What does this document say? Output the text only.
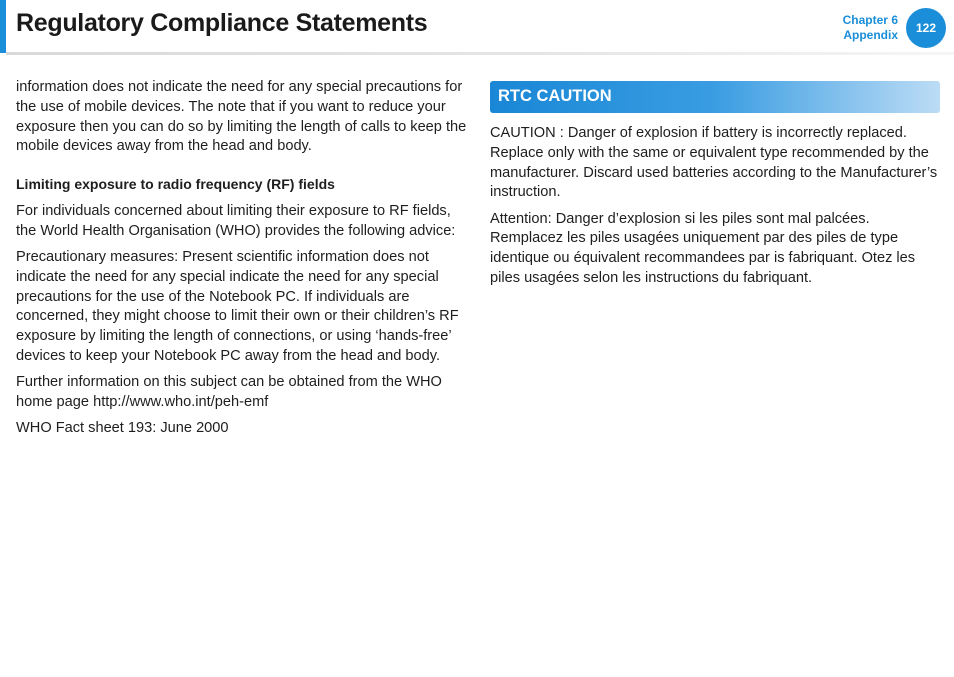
Regulatory Compliance Statements	Chapter 6
Appendix	122

information does not indicate the need for any special precautions for the use of mobile devices. The note that if you want to reduce your exposure then you can do so by limiting the length of calls to keep the mobile devices away from the head and body.

Limiting exposure to radio frequency (RF) fields

For individuals concerned about limiting their exposure to RF fields, the World Health Organisation (WHO) provides the following advice:

Precautionary measures: Present scientific information does not indicate the need for any special indicate the need for any special precautions for the use of the Notebook PC. If individuals are concerned, they might choose to limit their own or their children’s RF exposure by limiting the length of connections, or using ‘hands-free’ devices to keep your Notebook PC away from the head and body.

Further information on this subject can be obtained from the WHO home page http://www.who.int/peh-emf

WHO Fact sheet 193: June 2000

RTC CAUTION

CAUTION : Danger of explosion if battery is incorrectly replaced. Replace only with the same or equivalent type recommended by the manufacturer. Discard used batteries according to the Manufacturer’s instruction.

Attention: Danger d’explosion si les piles sont mal palcées. Remplacez les piles usagées uniquement par des piles de type identique ou équivalent recommandees par is fabriquant. Otez les piles usagées selon les instructions du fabriquant.
